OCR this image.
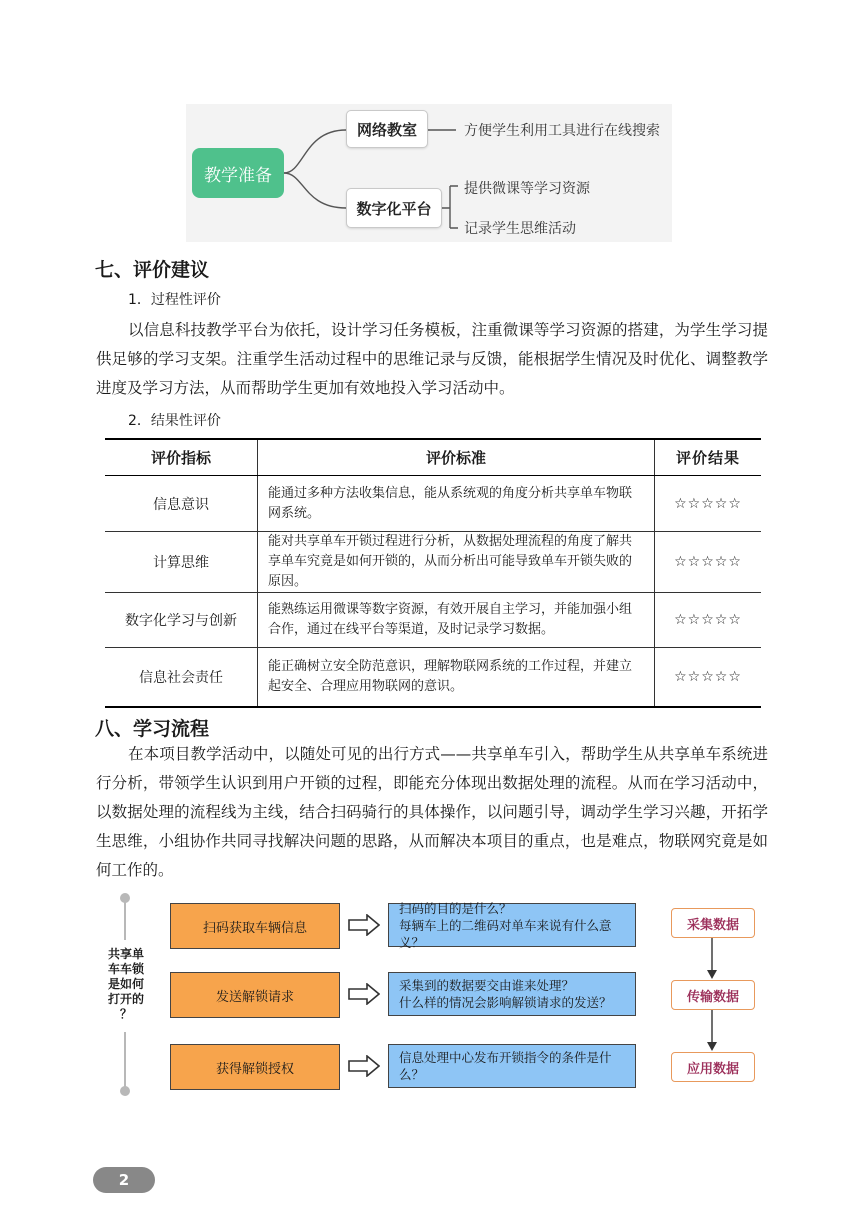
教学准备
网络教室
数字化平台
方便学生利用工具进行在线搜索
提供微课等学习资源
记录学生思维活动
七、评价建议
1．过程性评价

以信息科技教学平台为依托，设计学习任务模板，注重微课等学习资源的搭建，为学生学习提供足够的学习支架。注重学生活动过程中的思维记录与反馈，能根据学生情况及时优化、调整教学进度及学习方法，从而帮助学生更加有效地投入学习活动中。

2．结果性评价
评价指标	评价标准	评价结果
信息意识	能通过多种方法收集信息，能从系统观的角度分析共享单车物联网系统。	☆☆☆☆☆
计算思维	能对共享单车开锁过程进行分析，从数据处理流程的角度了解共享单车究竟是如何开锁的，从而分析出可能导致单车开锁失败的原因。	☆☆☆☆☆
数字化学习与创新	能熟练运用微课等数字资源，有效开展自主学习，并能加强小组合作，通过在线平台等渠道，及时记录学习数据。	☆☆☆☆☆
信息社会责任	能正确树立安全防范意识，理解物联网系统的工作过程，并建立起安全、合理应用物联网的意识。	☆☆☆☆☆
八、学习流程

在本项目教学活动中，以随处可见的出行方式——共享单车引入，帮助学生从共享单车系统进行分析，带领学生认识到用户开锁的过程，即能充分体现出数据处理的流程。从而在学习活动中，以数据处理的流程线为主线，结合扫码骑行的具体操作，以问题引导，调动学生学习兴趣，开拓学生思维，小组协作共同寻找解决问题的思路，从而解决本项目的重点，也是难点，物联网究竟是如何工作的。

共享单
车车锁
是如何
打开的
？
扫码获取车辆信息
扫码的目的是什么？
每辆车上的二维码对单车来说有什么意义？
发送解锁请求
采集到的数据要交由谁来处理？
什么样的情况会影响解锁请求的发送？
获得解锁授权
信息处理中心发布开锁指令的条件是什么？
采集数据
传输数据
应用数据
2
